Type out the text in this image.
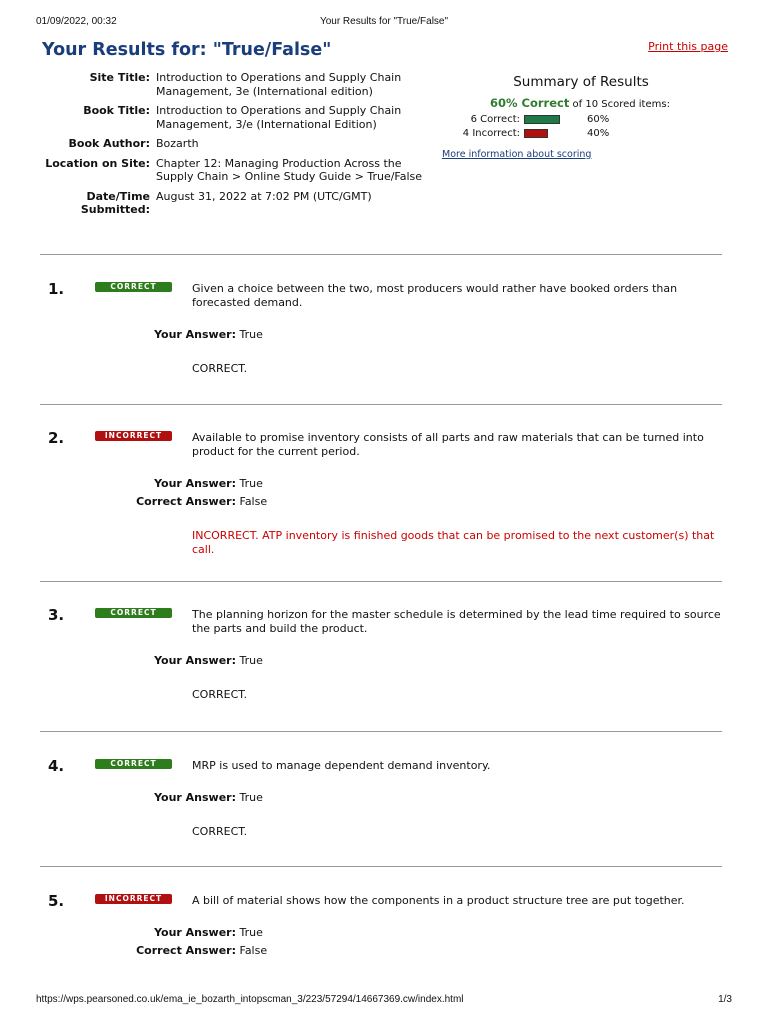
01/09/2022, 00:32	Your Results for "True/False"
Your Results for: "True/False"	Print this page
Site Title: Introduction to Operations and Supply Chain Management, 3e (International edition)
Book Title: Introduction to Operations and Supply Chain Management, 3/e (International Edition)
Book Author: Bozarth
Location on Site: Chapter 12: Managing Production Across the Supply Chain > Online Study Guide > True/False
Date/Time Submitted:
August 31, 2022 at 7:02 PM (UTC/GMT)
Summary of Results
60% Correct of 10 Scored items:
6 Correct:	60%
4 Incorrect:	40%
More information about scoring
1.	CORRECT	Given a choice between the two, most producers would rather have booked orders than forecasted demand.
Your Answer: True
CORRECT.
2.	INCORRECT	Available to promise inventory consists of all parts and raw materials that can be turned into product for the current period.
Your Answer: True
Correct Answer: False
INCORRECT. ATP inventory is finished goods that can be promised to the next customer(s) that call.
3.	CORRECT	The planning horizon for the master schedule is determined by the lead time required to source the parts and build the product.
Your Answer: True
CORRECT.
4.	CORRECT	MRP is used to manage dependent demand inventory.
Your Answer: True
CORRECT.
5.	INCORRECT	A bill of material shows how the components in a product structure tree are put together.
Your Answer: True
Correct Answer: False
https://wps.pearsoned.co.uk/ema_ie_bozarth_intopscman_3/223/57294/14667369.cw/index.html	1/3
